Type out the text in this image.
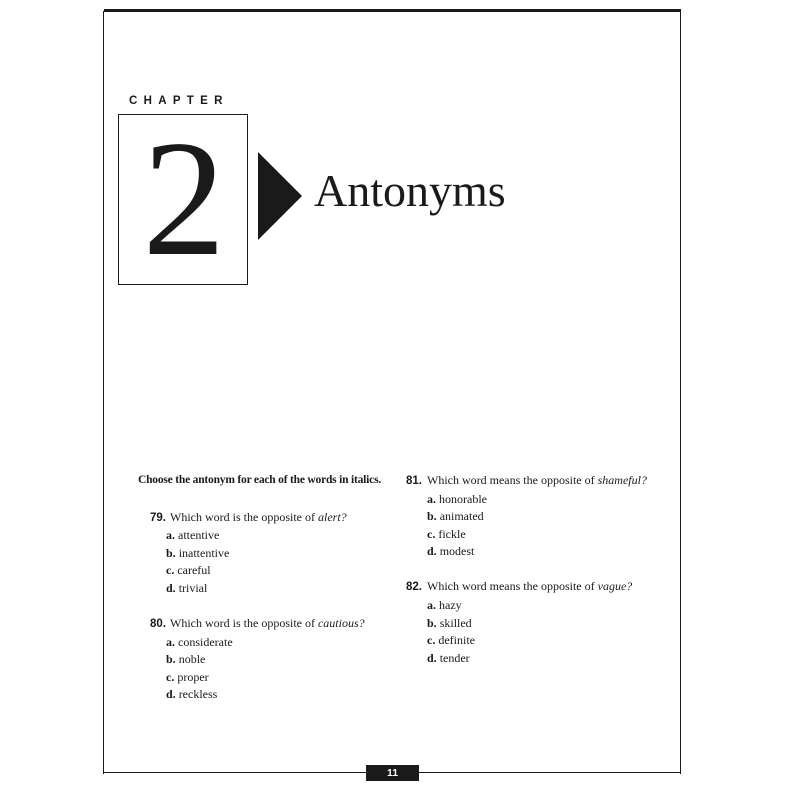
CHAPTER
2	Antonyms
Choose the antonym for each of the words in italics.
79. Which word is the opposite of alert?
a. attentive
b. inattentive
c. careful
d. trivial
80. Which word is the opposite of cautious?
a. considerate
b. noble
c. proper
d. reckless
81. Which word means the opposite of shameful?
a. honorable
b. animated
c. fickle
d. modest
82. Which word means the opposite of vague?
a. hazy
b. skilled
c. definite
d. tender
11
